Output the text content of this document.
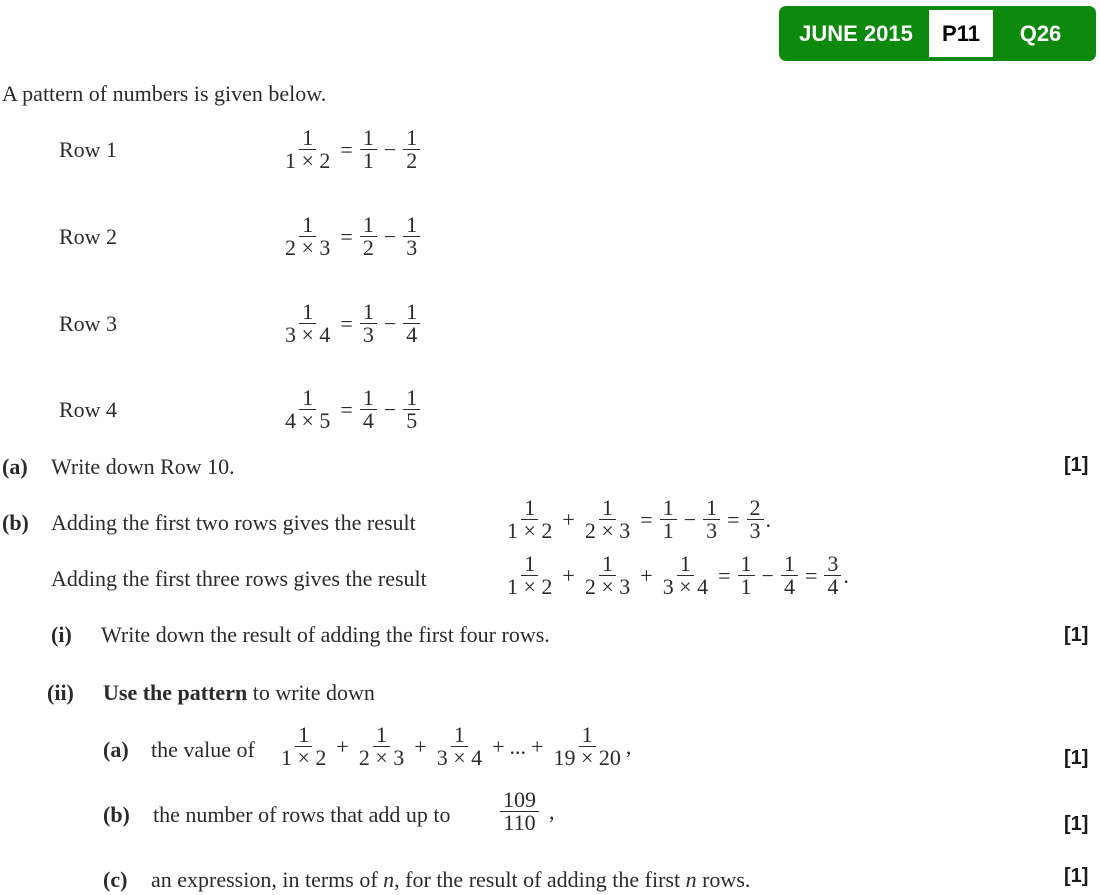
JUNE 2015	P11	Q26
A pattern of numbers is given below.
Row 1	$\frac{1}{1 \times 2} = \frac{1}{1} - \frac{1}{2}$
Row 2	$\frac{1}{2 \times 3} = \frac{1}{2} - \frac{1}{3}$
Row 3	$\frac{1}{3 \times 4} = \frac{1}{3} - \frac{1}{4}$
Row 4	$\frac{1}{4 \times 5} = \frac{1}{4} - \frac{1}{5}$
(a) Write down Row 10.	[1]
(b) Adding the first two rows gives the result	$\frac{1}{1 \times 2} + \frac{1}{2 \times 3} = \frac{1}{1} - \frac{1}{3} = \frac{2}{3}$ .
Adding the first three rows gives the result	$\frac{1}{1 \times 2} + \frac{1}{2 \times 3} + \frac{1}{3 \times 4} = \frac{1}{1} - \frac{1}{4} = \frac{3}{4}$ .
(i) Write down the result of adding the first four rows.	[1]
(ii) Use the pattern to write down
(a) the value of $\frac{1}{1 \times 2} + \frac{1}{2 \times 3} + \frac{1}{3 \times 4}$ + ... + $\frac{1}{19 \times 20}$ ,	[1]
(b) the number of rows that add up to $\frac{109}{110}$ ,
[1]
(c) an expression, in terms of n, for the result of adding the first n rows.	[1]
